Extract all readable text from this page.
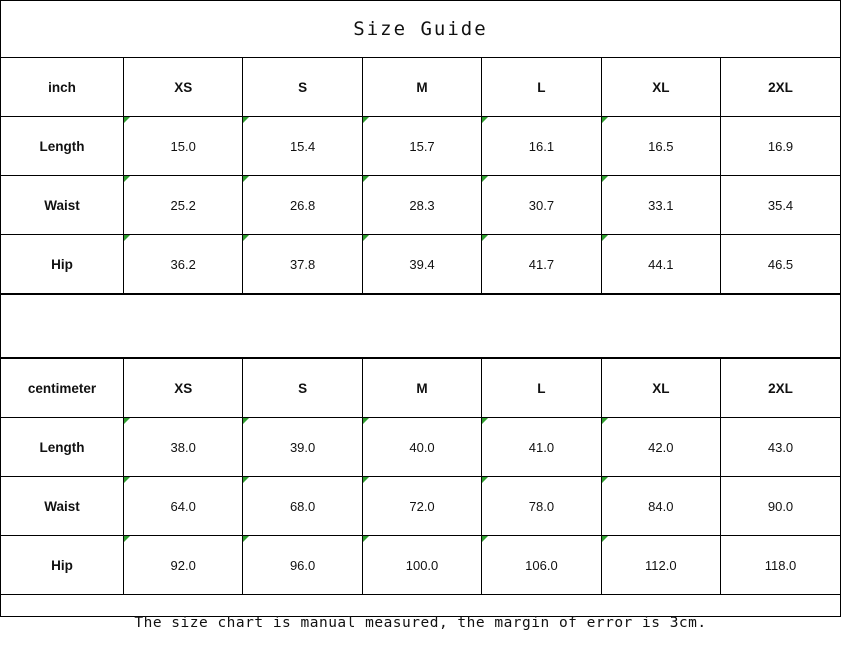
Size Guide
inch	XS	S	M	L	XL	2XL
Length	15.0	15.4	15.7	16.1	16.5	16.9
Waist	25.2	26.8	28.3	30.7	33.1	35.4
Hip	36.2	37.8	39.4	41.7	44.1	46.5
centimeter	XS	S	M	L	XL	2XL
Length	38.0	39.0	40.0	41.0	42.0	43.0
Waist	64.0	68.0	72.0	78.0	84.0	90.0
Hip	92.0	96.0	100.0	106.0	112.0	118.0
The size chart is manual measured, the margin of error is 3cm.
